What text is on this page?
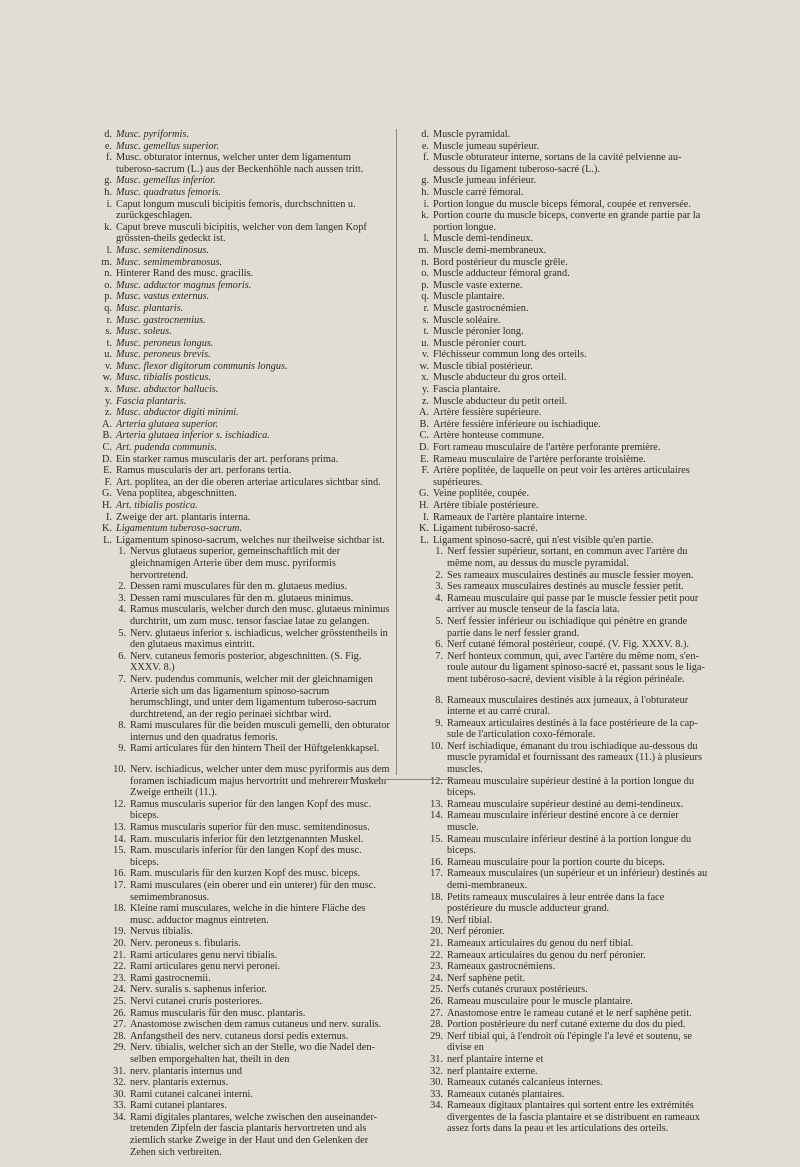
d. Musc. pyriformis.
e. Musc. gemellus superior.
f. Musc. obturator internus, welcher unter dem ligamentum tuberoso-sacrum (L.) aus der Beckenhöhle nach aussen tritt.
g. Musc. gemellus inferior.
h. Musc. quadratus femoris.
i. Caput longum musculi bicipitis femoris, durchschnitten u. zurückgeschlagen.
k. Caput breve musculi bicipitis, welcher von dem langen Kopf grössten-theils gedeckt ist.
l. Musc. semitendinosus.
m. Musc. semimembranosus.
n. Hinterer Rand des musc. gracilis.
o. Musc. adductor magnus femoris.
p. Musc. vastus externus.
q. Musc. plantaris.
r. Musc. gastrocnemius.
s. Musc. soleus.
t. Musc. peroneus longus.
u. Musc. peroneus brevis.
v. Musc. flexor digitorum communis longus.
w. Musc. tibialis posticus.
x. Musc. abductor hallucis.
y. Fascia plantaris.
z. Musc. abductor digiti minimi.
A. Arteria glutaea superior.
B. Arteria glutaea inferior s. ischiadica.
C. Art. pudenda communis.
D. Ein starker ramus muscularis der art. perforans prima.
E. Ramus muscularis der art. perforans tertia.
F. Art. poplitea, an der die oberen arteriae articulares sichtbar sind.
G. Vena poplitea, abgeschnitten.
H. Art. tibialis postica.
I. Zweige der art. plantaris interna.
K. Ligamentum tuberoso-sacrum.
L. Ligamentum spinoso-sacrum, welches nur theilweise sichtbar ist.
1. Nervus glutaeus superior, gemeinschaftlich mit der gleichnamigen Arterie über dem musc. pyriformis hervortretend.
2. Dessen rami musculares für den m. glutaeus medius.
3. Dessen rami musculares für den m. glutaeus minimus.
4. Ramus muscularis, welcher durch den musc. glutaeus minimus durchtritt, um zum musc. tensor fasciae latae zu gelangen.
5. Nerv. glutaeus inferior s. ischiadicus, welcher grösstentheils in den glutaeus maximus eintritt.
6. Nerv. cutaneus femoris posterior, abgeschnitten. (S. Fig. XXXV. 8.)
7. Nerv. pudendus communis, welcher mit der gleichnamigen Arterie sich um das ligamentum spinoso-sacrum herumschlingt, und unter dem ligamentum tuberoso-sacrum durchtretend, an der regio perinaei sichtbar wird.
8. Rami musculares für die beiden musculi gemelli, den obturator internus und den quadratus femoris.
9. Rami articulares für den hintern Theil der Hüftgelenkkapsel.
10. Nerv. ischiadicus, welcher unter dem musc pyriformis aus dem foramen ischiadicum majus hervortritt und mehreren Muskeln Zweige ertheilt (11.).
12. Ramus muscularis superior für den langen Kopf des musc. biceps.
13. Ramus muscularis superior für den musc. semitendinosus.
14. Ram. muscularis inferior für den letztgenannten Muskel.
15. Ram. muscularis inferior für den langen Kopf des musc. biceps.
16. Ram. muscularis für den kurzen Kopf des musc. biceps.
17. Rami musculares (ein oberer und ein unterer) für den musc. semimembranosus.
18. Kleine rami musculares, welche in die hintere Fläche des musc. adductor magnus eintreten.
19. Nervus tibialis.
20. Nerv. peroneus s. fibularis.
21. Rami articulares genu nervi tibialis.
22. Rami articulares genu nervi peronei.
23. Rami gastrocnemii.
24. Nerv. suralis s. saphenus inferior.
25. Nervi cutanei cruris posteriores.
26. Ramus muscularis für den musc. plantaris.
27. Anastomose zwischen dem ramus cutaneus und nerv. suralis.
28. Anfangstheil des nerv. cutaneus dorsi pedis externus.
29. Nerv. tibialis, welcher sich an der Stelle, wo die Nadel den-selben emporgehalten hat, theilt in den
31. nerv. plantaris internus und
32. nerv. plantaris externus.
30. Rami cutanei calcanei interni.
33. Rami cutanei plantares.
34. Rami digitales plantares, welche zwischen den auseinander-tretenden Zipfeln der fascia plantaris hervortreten und als ziemlich starke Zweige in der Haut und den Gelenken der Zehen sich verbreiten.
d. Muscle pyramidal.
e. Muscle jumeau supérieur.
f. Muscle obturateur interne, sortans de la cavité pelvienne au-dessous du ligament tuberoso-sacré (L.).
g. Muscle jumeau inférieur.
h. Muscle carré fémoral.
i. Portion longue du muscle biceps fémoral, coupée et renversée.
k. Portion courte du muscle biceps, converte en grande partie par la portion longue.
l. Muscle demi-tendineux.
m. Muscle demi-membraneux.
n. Bord postérieur du muscle grêle.
o. Muscle adducteur fémoral grand.
p. Muscle vaste externe.
q. Muscle plantaire.
r. Muscle gastrocnémien.
s. Muscle soléaire.
t. Muscle péronier long.
u. Muscle péronier court.
v. Fléchisseur commun long des orteils.
w. Muscle tibial postérieur.
x. Muscle abducteur du gros orteil.
y. Fascia plantaire.
z. Muscle abducteur du petit orteil.
A. Artère fessière supérieure.
B. Artère fessière inférieure ou ischiadique.
C. Artère honteuse commune.
D. Fort rameau musculaire de l'artère perforante première.
E. Rameau musculaire de l'artère perforante troisième.
F. Artère poplitée, de laquelle on peut voir les artères articulaires supérieures.
G. Veine poplitée, coupée.
H. Artère tibiale postérieure.
I. Rameaux de l'artère plantaire interne.
K. Ligament tubéroso-sacré.
L. Ligament spinoso-sacré, qui n'est visible qu'en partie.
1. Nerf fessier supérieur, sortant, en commun avec l'artère du même nom, au dessus du muscle pyramidal.
2. Ses rameaux musculaires destinés au muscle fessier moyen.
3. Ses rameaux musculaires destinés au muscle fessier petit.
4. Rameau musculaire qui passe par le muscle fessier petit pour arriver au muscle tenseur de la fascia lata.
5. Nerf fessier inférieur ou ischiadique qui pénètre en grande partie dans le nerf fessier grand.
6. Nerf cutané fémoral postérieur, coupé. (V. Fig. XXXV. 8.).
7. Nerf honteux commun, qui, avec l'artère du même nom, s'en-roule autour du ligament spinoso-sacré et, passant sous le liga-ment tubéroso-sacré, devient visible à la région périnéale.
8. Rameaux musculaires destinés aux jumeaux, à l'obturateur interne et au carré crural.
9. Rameaux articulaires destinés à la face postérieure de la cap-sule de l'articulation coxo-fémorale.
10. Nerf ischiadique, émanant du trou ischiadique au-dessous du muscle pyramidal et fournissant des rameaux (11.) à plusieurs muscles.
12. Rameau musculaire supérieur destiné à la portion longue du biceps.
13. Rameau musculaire supérieur destiné au demi-tendineux.
14. Rameau musculaire inférieur destiné encore à ce dernier muscle.
15. Rameau musculaire inférieur destiné à la portion longue du biceps.
16. Rameau musculaire pour la portion courte du biceps.
17. Rameaux musculaires (un supérieur et un inférieur) destinés au demi-membraneux.
18. Petits rameaux musculaires à leur entrée dans la face postérieure du muscle adducteur grand.
19. Nerf tibial.
20. Nerf péronier.
21. Rameaux articulaires du genou du nerf tibial.
22. Rameaux articulaires du genou du nerf péronier.
23. Rameaux gastrocnémiens.
24. Nerf saphène petit.
25. Nerfs cutanés cruraux postérieurs.
26. Rameau musculaire pour le muscle plantaire.
27. Anastomose entre le rameau cutané et le nerf saphène petit.
28. Portion postérieure du nerf cutané externe du dos du pied.
29. Nerf tibial qui, à l'endroit où l'épingle l'a levé et soutenu, se divise en
31. nerf plantaire interne et
32. nerf plantaire externe.
30. Rameaux cutanés calcanieus internes.
33. Rameaux cutanés plantaires.
34. Rameaux digitaux plantaires qui sortent entre les extrémités divergentes de la fascia plantaire et se distribuent en rameaux assez forts dans la peau et les articulations des orteils.
